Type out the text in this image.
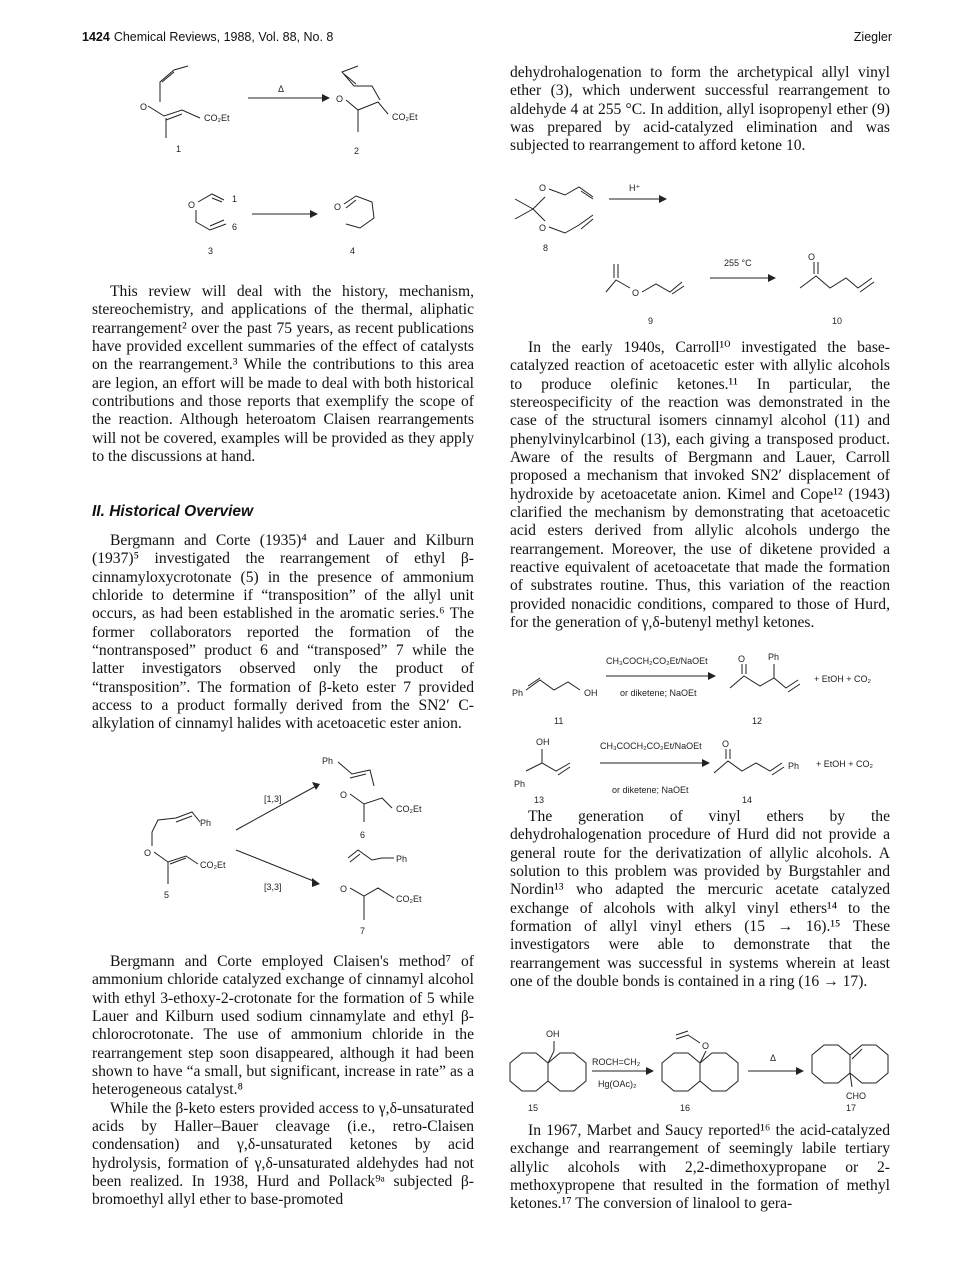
1424 Chemical Reviews, 1988, Vol. 88, No. 8	Ziegler
O
CO₂Et
1
Δ
O
CO₂Et
2
O
1
6
3
O
4

This review will deal with the history, mechanism, stereochemistry, and applications of the thermal, aliphatic rearrangement² over the past 75 years, as recent publications have provided excellent summaries of the effect of catalysts on the rearrangement.³ While the contributions to this area are legion, an effort will be made to deal with both historical contributions and those reports that exemplify the scope of the reaction. Although heteroatom Claisen rearrangements will not be covered, examples will be provided as they apply to the discussions at hand.

II. Historical Overview

Bergmann and Corte (1935)⁴ and Lauer and Kilburn (1937)⁵ investigated the rearrangement of ethyl β-cinnamyloxycrotonate (5) in the presence of ammonium chloride to determine if “transposition” of the allyl unit occurs, as had been established in the aromatic series.⁶ The former collaborators reported the formation of the “nontransposed” product 6 and “transposed” 7 while the latter investigators observed only the product of “transposition”. The formation of β-keto ester 7 provided access to a product formally derived from the SN2′ C-alkylation of cinnamyl halides with acetoacetic ester anion.

Ph
O
CO₂Et
6
[1,3]
Ph
O
CO₂Et
5
[3,3]
Ph
O
CO₂Et
7

Bergmann and Corte employed Claisen's method⁷ of ammonium chloride catalyzed exchange of cinnamyl alcohol with ethyl 3-ethoxy-2-crotonate for the formation of 5 while Lauer and Kilburn used sodium cinnamylate and ethyl β-chlorocrotonate. The use of ammonium chloride in the rearrangement step soon disappeared, although it had been shown to have “a small, but significant, increase in rate” as a heterogeneous catalyst.⁸

While the β-keto esters provided access to γ,δ-unsaturated acids by Haller–Bauer cleavage (i.e., retro-Claisen condensation) and γ,δ-unsaturated ketones by acid hydrolysis, formation of γ,δ-unsaturated aldehydes had not been realized. In 1938, Hurd and Pollack⁹ᵃ subjected β-bromoethyl allyl ether to base-promoted

dehydrohalogenation to form the archetypical allyl vinyl ether (3), which underwent successful rearrangement to aldehyde 4 at 255 °C. In addition, allyl isopropenyl ether (9) was prepared by acid-catalyzed elimination and was subjected to rearrangement to afford ketone 10.

O
O
8
H⁺
O
9
255 °C
O
10

In the early 1940s, Carroll¹⁰ investigated the base-catalyzed reaction of acetoacetic ester with allylic alcohols to produce olefinic ketones.¹¹ In particular, the stereospecificity of the reaction was demonstrated in the case of the structural isomers cinnamyl alcohol (11) and phenylvinylcarbinol (13), each giving a transposed product. Aware of the results of Bergmann and Lauer, Carroll proposed a mechanism that invoked SN2′ displacement of hydroxide by acetoacetate anion. Kimel and Cope¹² (1943) clarified the mechanism by demonstrating that acetoacetic acid esters derived from allylic alcohols undergo the rearrangement. Moreover, the use of diketene provided a reactive equivalent of acetoacetate that made the formation of substrates routine. Thus, this variation of the reaction provided nonacidic conditions, compared to those of Hurd, for the generation of γ,δ-butenyl methyl ketones.

Ph	OH
11
CH₃COCH₂CO₂Et/NaOEt
or diketene; NaOEt
O	Ph
12
+ EtOH + CO₂
OH
Ph
13
CH₃COCH₂CO₂Et/NaOEt
or diketene; NaOEt
O
Ph
14
+ EtOH + CO₂

The generation of vinyl ethers by the dehydrohalogenation procedure of Hurd did not provide a general route for the derivatization of allylic alcohols. A solution to this problem was provided by Burgstahler and Nordin¹³ who adapted the mercuric acetate catalyzed exchange of alcohols with alkyl vinyl ethers¹⁴ to the formation of allyl vinyl ethers (15 → 16).¹⁵ These investigators were able to demonstrate that the rearrangement was successful in systems wherein at least one of the double bonds is contained in a ring (16 → 17).

OH
15
ROCH=CH₂
Hg(OAc)₂
O
16
Δ
CHO
17

In 1967, Marbet and Saucy reported¹⁶ the acid-catalyzed exchange and rearrangement of seemingly labile tertiary allylic alcohols with 2,2-dimethoxypropane or 2-methoxypropene that resulted in the formation of methyl ketones.¹⁷ The conversion of linalool to gera-
